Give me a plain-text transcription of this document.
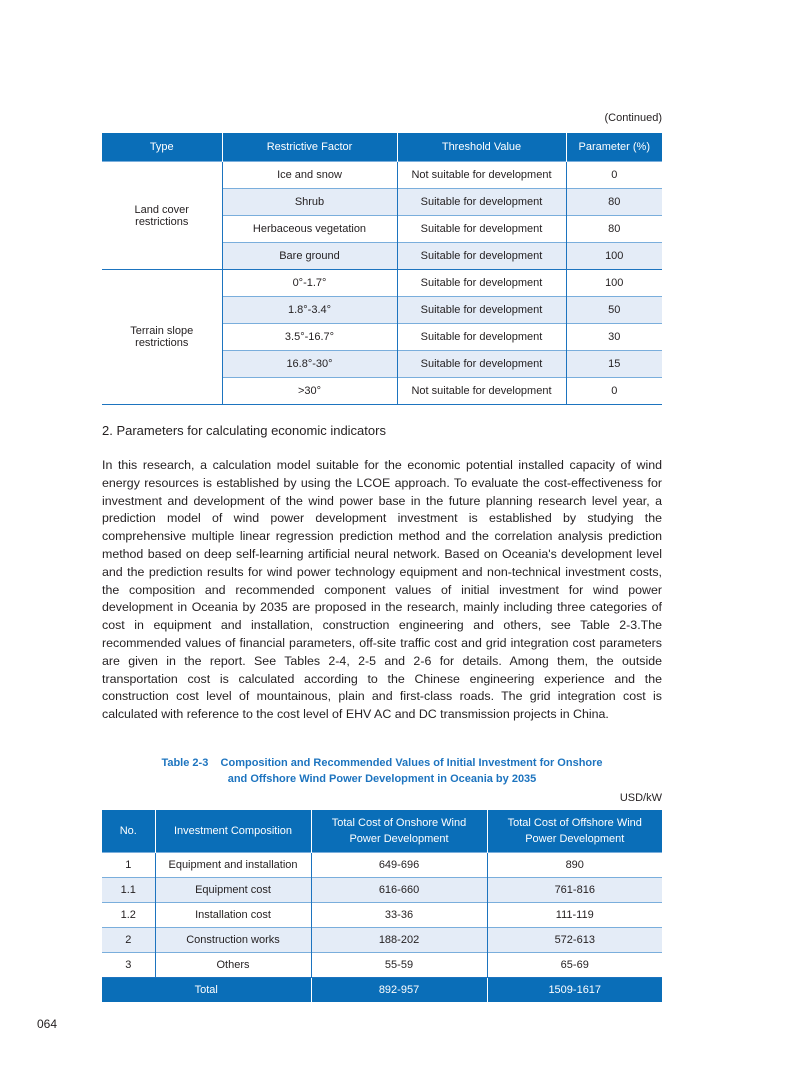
(Continued)
Type	Restrictive Factor	Threshold Value	Parameter (%)
Land cover restrictions	Ice and snow	Not suitable for development	0
	Shrub	Suitable for development	80
	Herbaceous vegetation	Suitable for development	80
	Bare ground	Suitable for development	100
Terrain slope restrictions	0°-1.7°	Suitable for development	100
	1.8°-3.4°	Suitable for development	50
	3.5°-16.7°	Suitable for development	30
	16.8°-30°	Suitable for development	15
	>30°	Not suitable for development	0
2. Parameters for calculating economic indicators
In this research, a calculation model suitable for the economic potential installed capacity of wind energy resources is established by using the LCOE approach. To evaluate the cost-effectiveness for investment and development of the wind power base in the future planning research level year, a prediction model of wind power development investment is established by studying the comprehensive multiple linear regression prediction method and the correlation analysis prediction method based on deep self-learning artificial neural network. Based on Oceania's development level and the prediction results for wind power technology equipment and non-technical investment costs, the composition and recommended component values of initial investment for wind power development in Oceania by 2035 are proposed in the research, mainly including three categories of cost in equipment and installation, construction engineering and others, see Table 2-3.The recommended values of financial parameters, off-site traffic cost and grid integration cost parameters are given in the report. See Tables 2-4, 2-5 and 2-6 for details. Among them, the outside transportation cost is calculated according to the Chinese engineering experience and the construction cost level of mountainous, plain and first-class roads. The grid integration cost is calculated with reference to the cost level of EHV AC and DC transmission projects in China.
Table 2-3    Composition and Recommended Values of Initial Investment for Onshore
and Offshore Wind Power Development in Oceania by 2035
USD/kW
No.	Investment Composition	Total Cost of Onshore Wind Power Development	Total Cost of Offshore Wind Power Development
1	Equipment and installation	649-696	890
1.1	Equipment cost	616-660	761-816
1.2	Installation cost	33-36	111-119
2	Construction works	188-202	572-613
3	Others	55-59	65-69
Total		892-957	1509-1617
064
